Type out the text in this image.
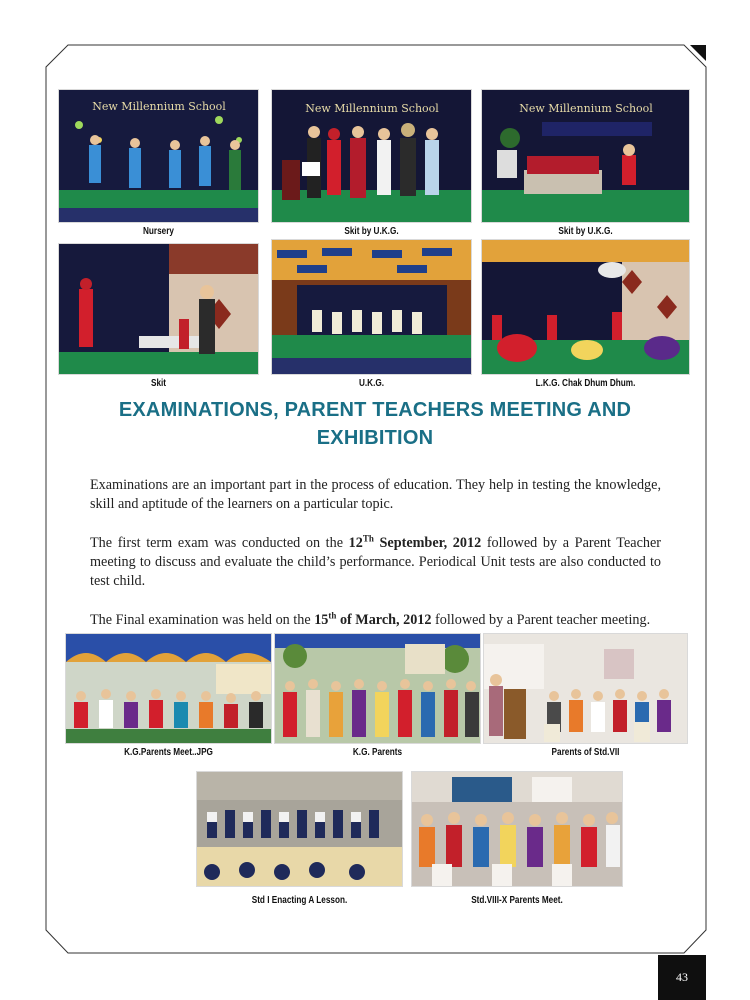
New Millennium School
Nursery
New Millennium School
Skit by U.K.G.
New Millennium School
Skit by U.K.G.
Skit	U.K.G.	L.K.G. Chak Dhum Dhum.
EXAMINATIONS, PARENT TEACHERS MEETING AND
EXHIBITION

Examinations are an important part in the process of education. They help in testing the knowledge, skill and aptitude of the learners on a particular topic.

The first term exam was conducted on the 12Th September, 2012 followed by a Parent Teacher meeting to discuss and evaluate the child’s performance. Periodical Unit tests are also conducted to test child.

The Final examination was held on the 15th of March, 2012 followed by a Parent teacher meeting.

K.G.Parents Meet..JPG	K.G. Parents	Parents of Std.VII
Std I Enacting A Lesson.	Std.VIII-X Parents Meet.
43
